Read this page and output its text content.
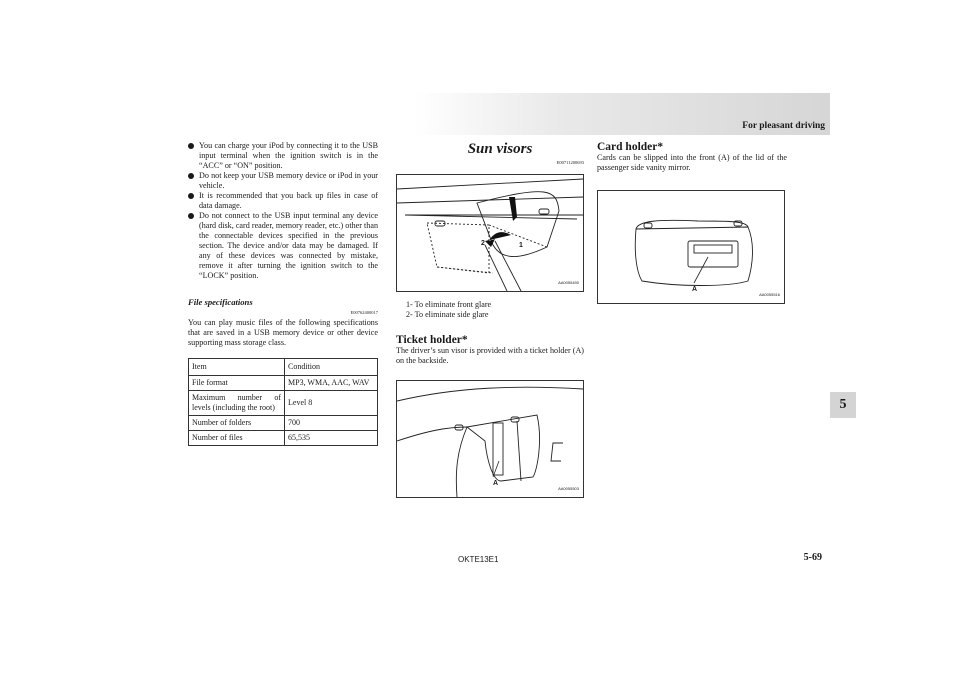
For pleasant driving
5
You can charge your iPod by connecting it to the USB input terminal when the ignition switch is in the “ACC” or “ON” position.
Do not keep your USB memory device or iPod in your vehicle.
It is recommended that you back up files in case of data damage.
Do not connect to the USB input terminal any device (hard disk, card reader, memory reader, etc.) other than the connectable devices specified in the previous section. The device and/or data may be damaged. If any of these devices was connected by mistake, remove it after turning the ignition switch to the “LOCK” position.
File specifications
E00762400017
You can play music files of the following specifications that are saved in a USB memory device or other device supporting mass storage class.
Item	Condition
File format	MP3, WMA, AAC, WAV
Maximum number of levels (including the root)	Level 8
Number of folders	700
Number of files	65,535
Sun visors
E00711200693
2	1
AA0055490
1- To eliminate front glare
2- To eliminate side glare
Ticket holder*
The driver’s sun visor is provided with a ticket holder (A) on the backside.
A
AA0055503
Card holder*
Cards can be slipped into the front (A) of the lid of the passenger side vanity mirror.
A
AA0055516
OKTE13E1	5-69
